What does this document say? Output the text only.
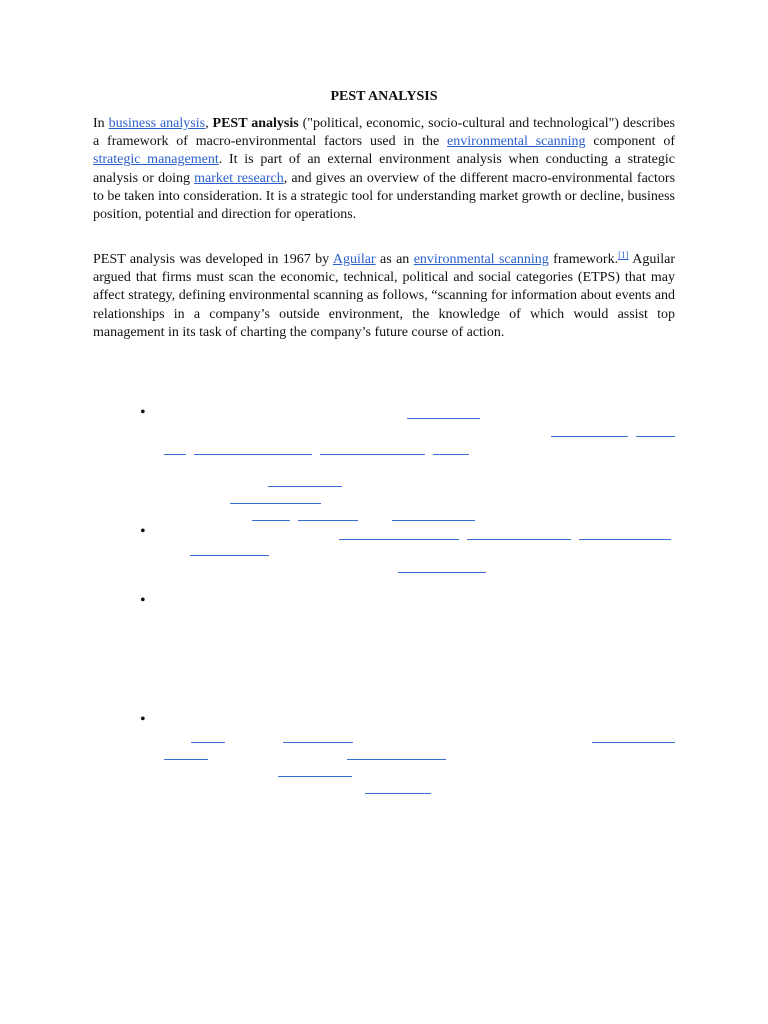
PEST ANALYSIS

In business analysis, PEST analysis ("political, economic, socio-cultural and technological") describes a framework of macro-environmental factors used in the environmental scanning component of strategic management. It is part of an external environment analysis when conducting a strategic analysis or doing market research, and gives an overview of the different macro-environmental factors to be taken into consideration. It is a strategic tool for understanding market growth or decline, business position, potential and direction for operations.

PEST analysis was developed in 1967 by Aguilar as an environmental scanning framework.[1] Aguilar argued that firms must scan the economic, technical, political and social categories (ETPS) that may affect strategy, defining environmental scanning as follows, “scanning for information about events and relationships in a company’s outside environment, the knowledge of which would assist top management in its task of charting the company’s future course of action.

•
•
•
•
